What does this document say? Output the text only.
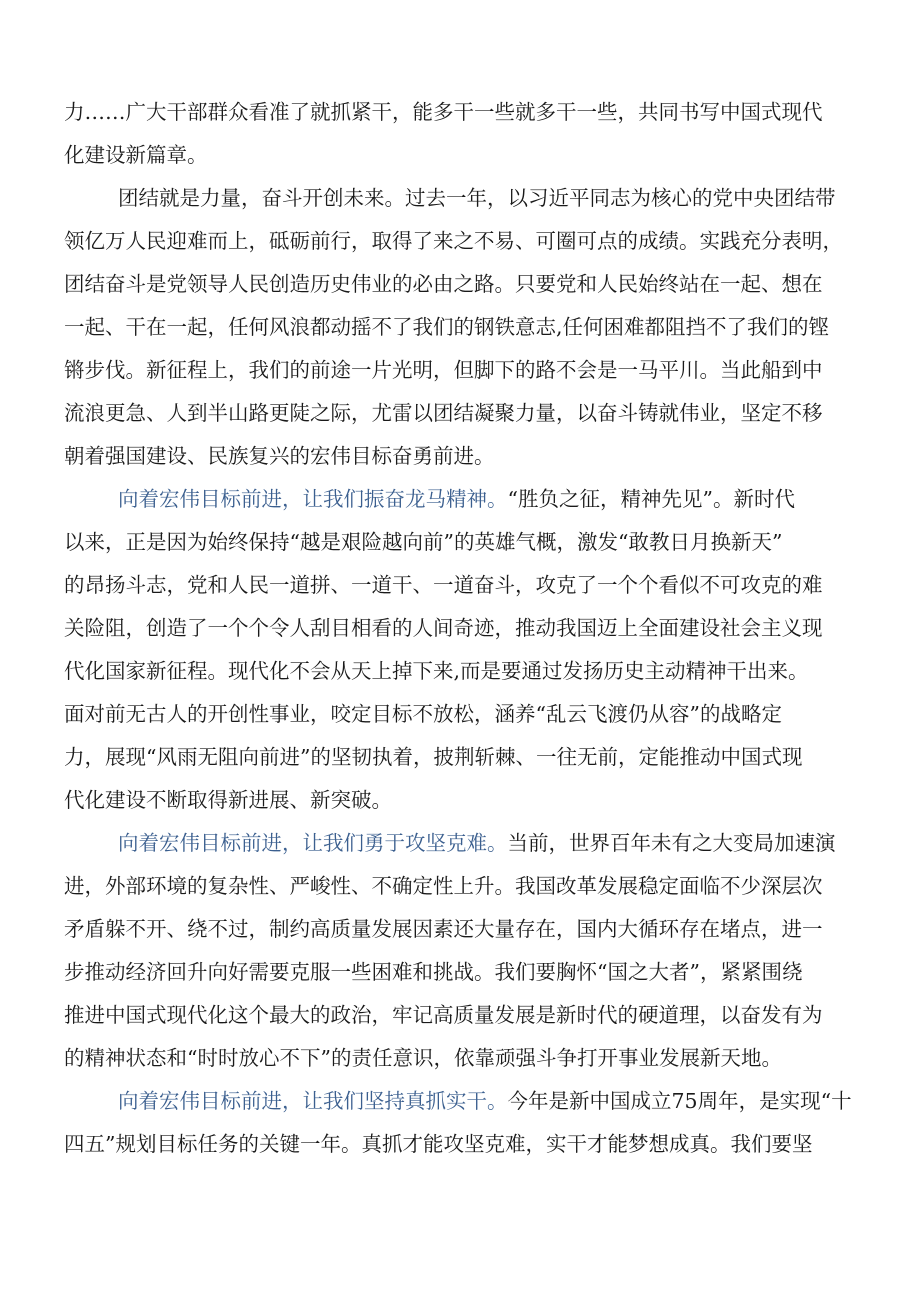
力……广大干部群众看准了就抓紧干，能多干一些就多干一些，共同书写中国式现代
化建设新篇章。
团结就是力量，奋斗开创未来。过去一年，以习近平同志为核心的党中央团结带
领亿万人民迎难而上，砥砺前行，取得了来之不易、可圈可点的成绩。实践充分表明，
团结奋斗是党领导人民创造历史伟业的必由之路。只要党和人民始终站在一起、想在
一起、干在一起，任何风浪都动摇不了我们的钢铁意志,任何困难都阻挡不了我们的铿
锵步伐。新征程上，我们的前途一片光明，但脚下的路不会是一马平川。当此船到中
流浪更急、人到半山路更陡之际，尤雷以团结凝聚力量，以奋斗铸就伟业，坚定不移
朝着强国建设、民族复兴的宏伟目标奋勇前进。
向着宏伟目标前进，让我们振奋龙马精神。“胜负之征，精神先见”。新时代
以来，正是因为始终保持“越是艰险越向前”的英雄气概，激发“敢教日月换新天”
的昂扬斗志，党和人民一道拼、一道干、一道奋斗，攻克了一个个看似不可攻克的难
关险阻，创造了一个个令人刮目相看的人间奇迹，推动我国迈上全面建设社会主义现
代化国家新征程。现代化不会从天上掉下来,而是要通过发扬历史主动精神干出来。
面对前无古人的开创性事业，咬定目标不放松，涵养“乱云飞渡仍从容”的战略定
力，展现“风雨无阻向前进”的坚韧执着，披荆斩棘、一往无前，定能推动中国式现
代化建设不断取得新进展、新突破。
向着宏伟目标前进，让我们勇于攻坚克难。当前，世界百年未有之大变局加速演
进，外部环境的复杂性、严峻性、不确定性上升。我国改革发展稳定面临不少深层次
矛盾躲不开、绕不过，制约高质量发展因素还大量存在，国内大循环存在堵点，进一
步推动经济回升向好需要克服一些困难和挑战。我们要胸怀“国之大者”，紧紧围绕
推进中国式现代化这个最大的政治，牢记高质量发展是新时代的硬道理，以奋发有为
的精神状态和“时时放心不下”的责任意识，依靠顽强斗争打开事业发展新天地。
向着宏伟目标前进，让我们坚持真抓实干。今年是新中国成立75周年，是实现“十
四五”规划目标任务的关键一年。真抓才能攻坚克难，实干才能梦想成真。我们要坚
